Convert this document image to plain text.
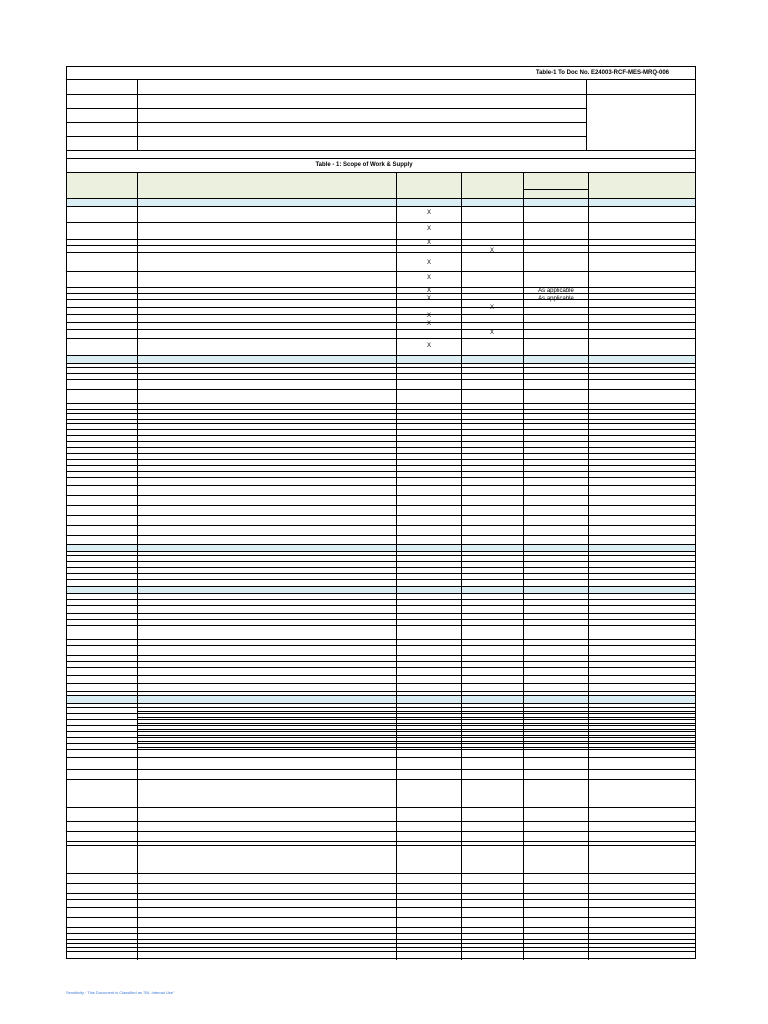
Table-1 To Doc No. E24003-RCF-MES-MRQ-006
Table - 1: Scope of Work & Supply
X
X
X
X
X
X
X	As applicable
X	As applicable
X
X
X
X
X
Sensitivity : This Document is Classified as "EIL Internal Use"
